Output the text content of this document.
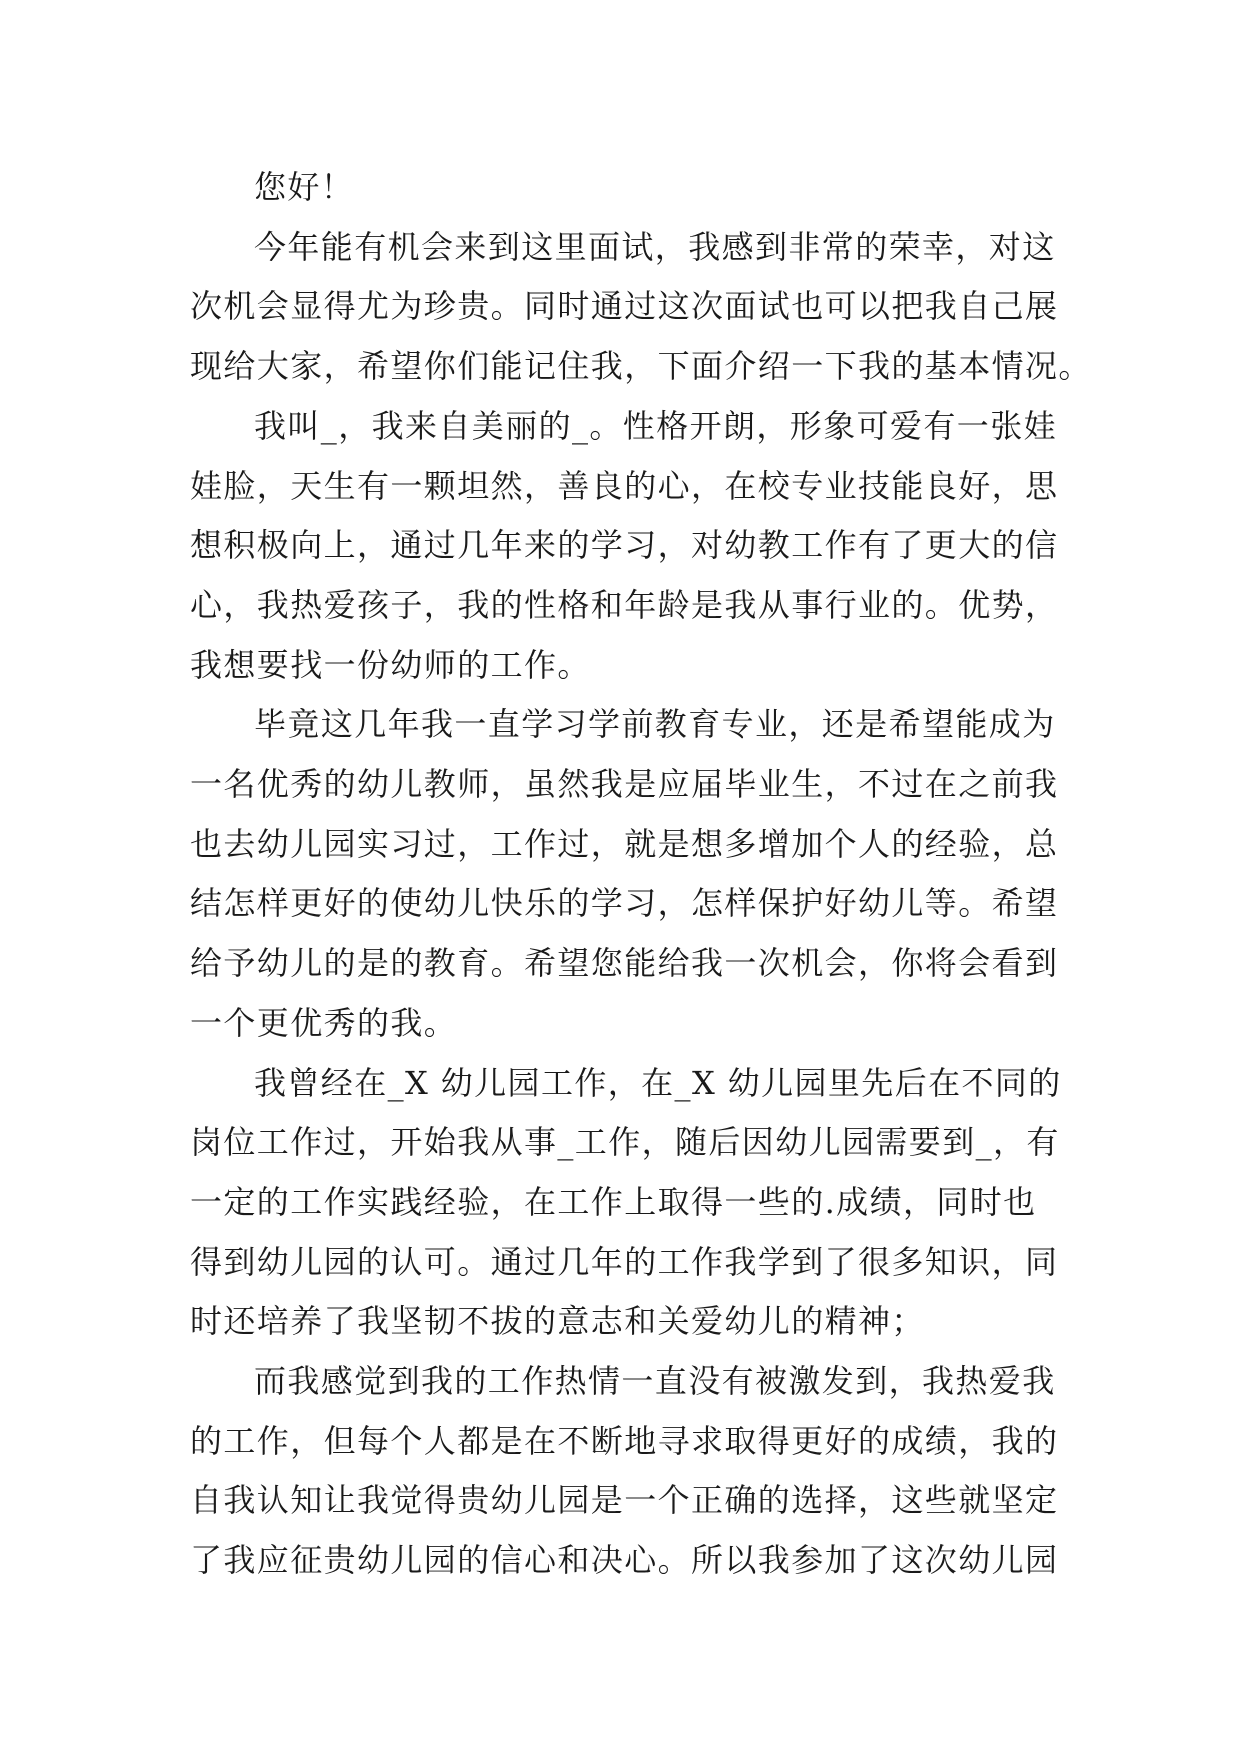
您好！

今年能有机会来到这里面试，我感到非常的荣幸，对这
次机会显得尤为珍贵。同时通过这次面试也可以把我自己展
现给大家，希望你们能记住我，下面介绍一下我的基本情况。

我叫_，我来自美丽的_。性格开朗，形象可爱有一张娃
娃脸，天生有一颗坦然，善良的心，在校专业技能良好，思
想积极向上，通过几年来的学习，对幼教工作有了更大的信
心，我热爱孩子，我的性格和年龄是我从事行业的。优势，
我想要找一份幼师的工作。

毕竟这几年我一直学习学前教育专业，还是希望能成为
一名优秀的幼儿教师，虽然我是应届毕业生，不过在之前我
也去幼儿园实习过，工作过，就是想多增加个人的经验，总
结怎样更好的使幼儿快乐的学习，怎样保护好幼儿等。希望
给予幼儿的是的教育。希望您能给我一次机会，你将会看到
一个更优秀的我。

我曾经在_X 幼儿园工作，在_X 幼儿园里先后在不同的
岗位工作过，开始我从事_工作，随后因幼儿园需要到_，有
一定的工作实践经验，在工作上取得一些的.成绩，同时也
得到幼儿园的认可。通过几年的工作我学到了很多知识，同
时还培养了我坚韧不拔的意志和关爱幼儿的精神；

而我感觉到我的工作热情一直没有被激发到，我热爱我
的工作，但每个人都是在不断地寻求取得更好的成绩，我的
自我认知让我觉得贵幼儿园是一个正确的选择，这些就坚定
了我应征贵幼儿园的信心和决心。所以我参加了这次幼儿园
